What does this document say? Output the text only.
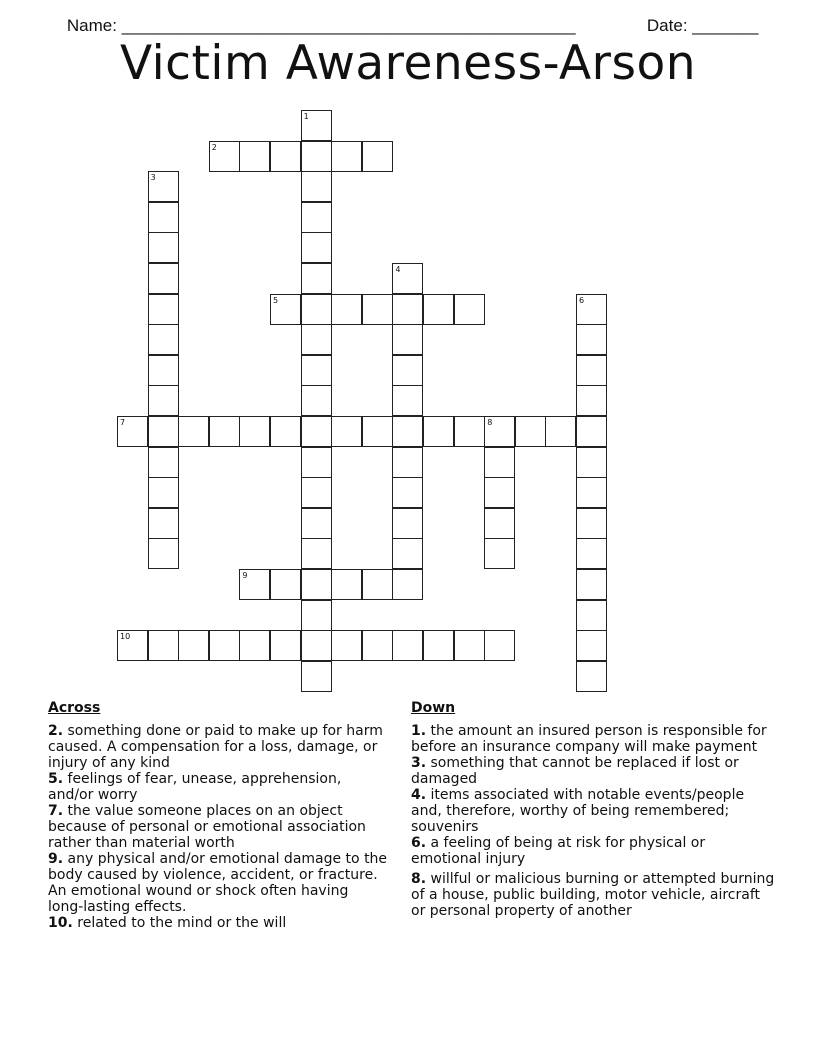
Name: ________________________________________________
	Date: _______

Victim Awareness-Arson
1
2
3
4
5	6
7	8
9
10
Across
2. something done or paid to make up for harm caused. A compensation for a loss, damage, or injury of any kind
5. feelings of fear, unease, apprehension, and/or worry
7. the value someone places on an object because of personal or emotional association rather than material worth
9. any physical and/or emotional damage to the body caused by violence, accident, or fracture. An emotional wound or shock often having long-lasting effects.
10. related to the mind or the will
Down
1. the amount an insured person is responsible for before an insurance company will make payment
3. something that cannot be replaced if lost or damaged
4. items associated with notable events/people and, therefore, worthy of being remembered; souvenirs
6. a feeling of being at risk for physical or emotional injury
8. willful or malicious burning or attempted burning of a house, public building, motor vehicle, aircraft or personal property of another
